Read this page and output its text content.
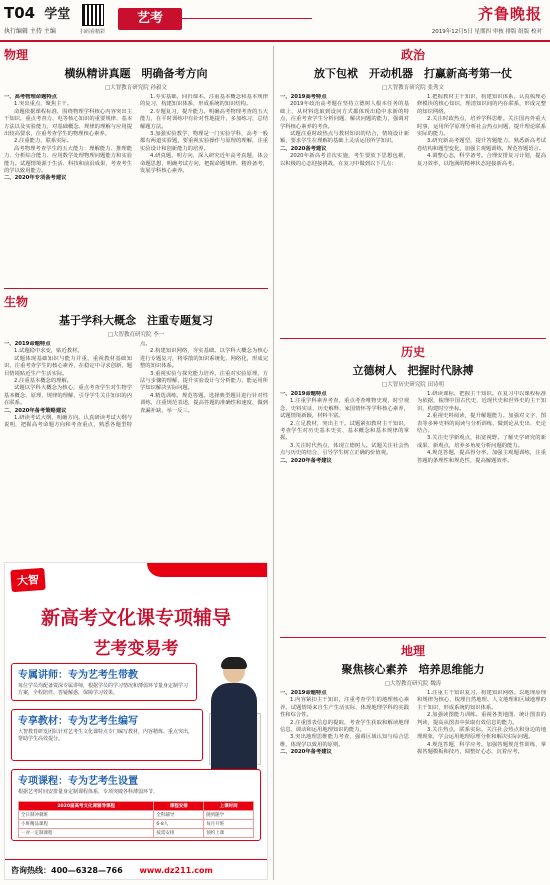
T04 学堂
执行编辑 主持 主编	扫码看精彩
艺考	齐鲁晚报
2019年12月5日 星期四 审核 排版 组版 校对
物理
横纵精讲真题　明确备考方向
□大智教育研究院 孙毅文

一、高考物理命题特点

1.突出重点，聚焦主干。

命题依据课程标准，围绕物理学科核心内容突出主干知识，重点考查力、电等核心知识的重要规律、基本方法以及实验能力，对基础概念、规律的理解与应用提出较高要求，注重考查学生的物理核心素养。

2.注重能力，联系实际。

高考物理考查学生的五大能力：理解能力、推理能力、分析综合能力、应用数学处理物理问题能力和实验能力。试题情境源于生活、科技和前沿成果，考查考生的学以致用能力。

二、2020年专项备考建议

1.夯实基础，回归课本。注重基本概念和基本规律的复习，构建知识体系，形成系统的知识结构。

2.专题复习，提升能力。明确高考物理考查的五大能力，在平时训练中有针对性地提升，多加练习，总结解题方法。

3.加强实验教学，物理是一门实验学科，高考一般都有两道实验题，要重视实验操作与原理的理解，注重实验设计和创新能力的培养。

4.研真题，明方向，深入研究近年高考真题，体会命题思想，明确考试方向，把握命题规律，精准备考，发展学科核心素养。

生物
基于学科大概念　注重专题复习
□大智教育研究院 李一

一、2019命题特点

1.试题稳中求变，贴近教材。

试题体现基础知识与能力并重，重视教材基础知识，注重考查学生的核心素养，在稳定中寻求创新，题目情境贴近生产生活实际。

2.注重基本概念的理解。

试题以学科大概念为核心，重点考查学生对生物学基本概念、原理、规律的理解，引导学生关注知识的内在联系。

二、2020年备考策略建议

1.研读考试大纲，明确方向。认真研读考试大纲与说明，把握高考命题方向和考查重点，熟悉各题型特点。

2.构建知识网络，夯实基础。以学科大概念为核心进行专题复习，将零散的知识系统化、网络化，形成完整的知识体系。

3.重视实验与探究能力培养。注重对实验原理、方法与步骤的理解，提升实验设计与分析能力，能运用所学知识解决实际问题。

4.精选训练，规范答题。选择典型题目进行针对性训练，注重规范表述，提高答题的准确性和速度，做到查漏补缺、举一反三。

大智
新高考文化课专项辅导
艺考变易考
专属讲师：专为艺考生带教
每位学员均配备资深专属讲师，根据学员的学习情况和薄弱环节量身定制学习方案，全程陪伴、答疑解惑，保障学习效果。
专享教材：专为艺考生编写
大智教育研发团队针对艺考生文化课特点专门编写教材，内容精炼、重点突出，帮助学生高效提分。
专项课程：专为艺考生设置
根据艺考时间安排量身定制课程体系，专项突破各科薄弱环节。
2020届高考文化课辅导课程	课程安排	上课时间
全日制冲刺班	全科辅导	随到随学
小班精品课程	6-8人	每月开班
一对一定制课程	按需安排	预约上课
咨询热线：400—6328—766 www.dz211.com
政治
放下包袱　开动机器　打赢新高考第一仗
□大智教育研究院 张秀文

一、2019高考特点

2019年政治高考题在坚持立德树人根本任务的基础上，从材料选取到设问方式都体现出稳中求新的特点，注重考查学生分析问题、解决问题的能力，强调对学科核心素养的考查。

试题注重时政热点与教材知识的结合，情境设计新颖，要求学生在理解的基础上灵活运用所学知识。

二、2020备考建议

2020年新高考首次实施，考生要放下思想包袱，以积极的心态迎接挑战，在复习中做到以下几点：

1.把握教材主干知识，构建知识体系。认真梳理必修模块的核心知识，理清知识间的内在联系，形成完整的知识网络。

2.关注时政热点，培养学科思维。关注国内外重大时事，运用所学原理分析社会热点问题，提升理论联系实际的能力。

3.研究新高考题型，提升答题能力。熟悉新高考试卷结构和题型变化，加强主观题训练，规范答题语言。

4.调整心态，科学备考。合理安排复习计划，提高复习效率，以饱满的精神状态迎接新高考。

历史
立德树人　把握时代脉搏
□大智历史研究院 田诗明

一、2019命题特点

1.注重学科素养考查，重点考查唯物史观、时空观念、史料实证、历史解释、家国情怀等学科核心素养，试题情境新颖，材料丰富。

2.立足教材，突出主干。试题紧扣教材主干知识，考查学生对历史基本史实、基本概念和基本规律的掌握。

3.关注时代热点，体现立德树人。试题关注社会热点与历史的结合，引导学生树立正确的价值观。

二、2020年备考建议

1.研读课标，把握主干知识。在复习中以课程标准为依据，梳理中国古代史、近现代史和世界史的主干知识，构建时空坐标。

2.重视史料阅读，提升解题能力。加强对文字、图表等多种史料的阅读与分析训练，做到论从史出、史论结合。

3.关注史学新观点，拓宽视野。了解史学研究的新成果、新观点，培养多角度分析问题的能力。

4.规范答题，提高得分率。加强主观题训练，注重答题的条理性和规范性，提高解题效率。

地理
聚焦核心素养　培养思维能力
□大智教育研究院 魏涛

一、2019命题特点

1.内容紧扣主干知识，注重考查学生的地理核心素养。试题情境来自生产生活实际，体现地理学科的实践性和综合性。

2.注重图表信息的提取，考查学生获取和解读地理信息、调动和运用地理知识的能力。

3.突出地理思维能力考查，强调区域认知与综合思维，体现学以致用的原则。

二、2020年备考建议

1.注重主干知识复习，构建知识网络。以地理原理和规律为核心，梳理自然地理、人文地理和区域地理的主干知识，形成系统的知识体系。

2.加强读图能力训练。重视各类地图、统计图表的判读，提高从图表中获取有效信息的能力。

3.关注热点，联系实际。关注社会热点和身边的地理现象，学会运用地理原理分析和解决实际问题。

4.规范答题，科学应考。加强答题规范性训练，掌握答题模板和技巧，调整好心态，沉着应考。
